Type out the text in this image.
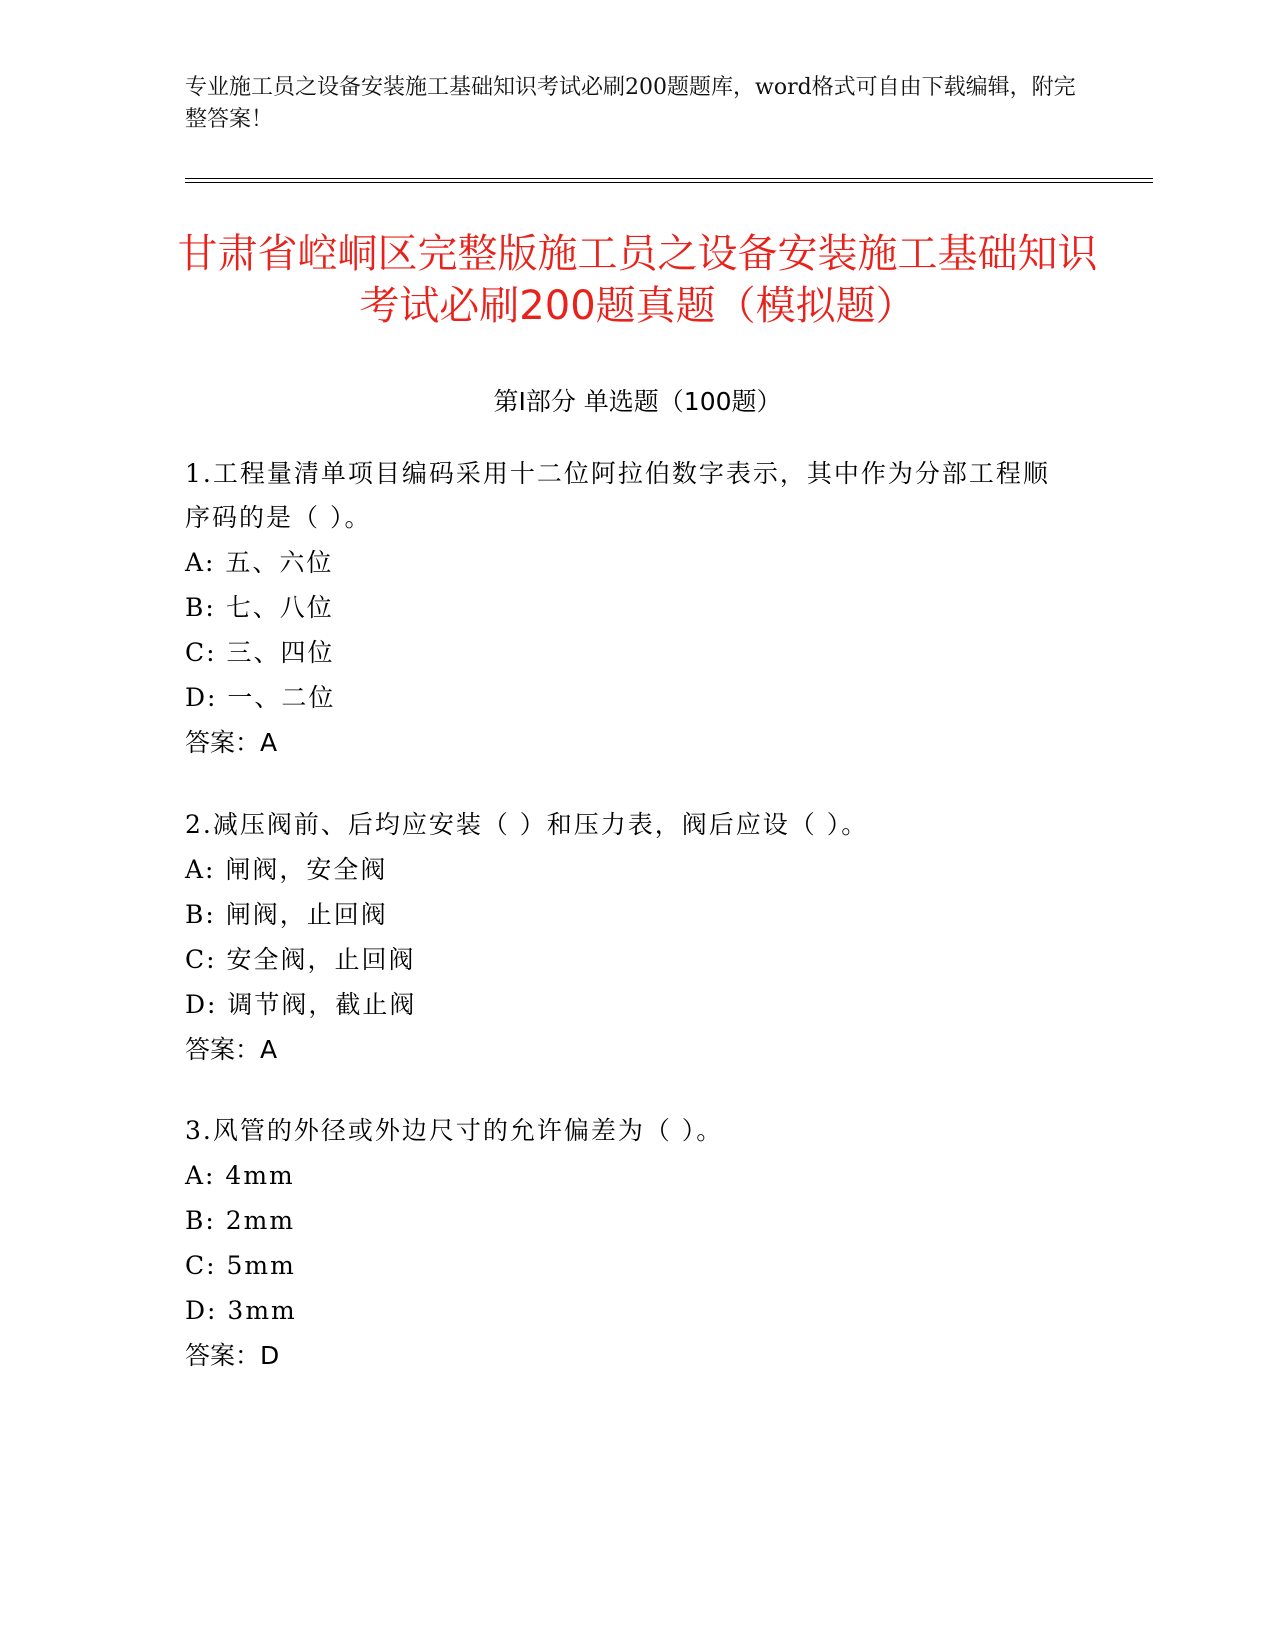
专业施工员之设备安装施工基础知识考试必刷200题题库，word格式可自由下载编辑，附完整答案！
甘肃省崆峒区完整版施工员之设备安装施工基础知识考试必刷200题真题（模拟题）
第Ⅰ部分 单选题（100题）
1.工程量清单项目编码采用十二位阿拉伯数字表示，其中作为分部工程顺序码的是（ ）。
A: 五、六位
B: 七、八位
C: 三、四位
D: 一、二位
答案：A
2.减压阀前、后均应安装（ ）和压力表，阀后应设（ ）。
A: 闸阀，安全阀
B: 闸阀，止回阀
C: 安全阀，止回阀
D: 调节阀，截止阀
答案：A
3.风管的外径或外边尺寸的允许偏差为（ ）。
A: 4mm
B: 2mm
C: 5mm
D: 3mm
答案：D
